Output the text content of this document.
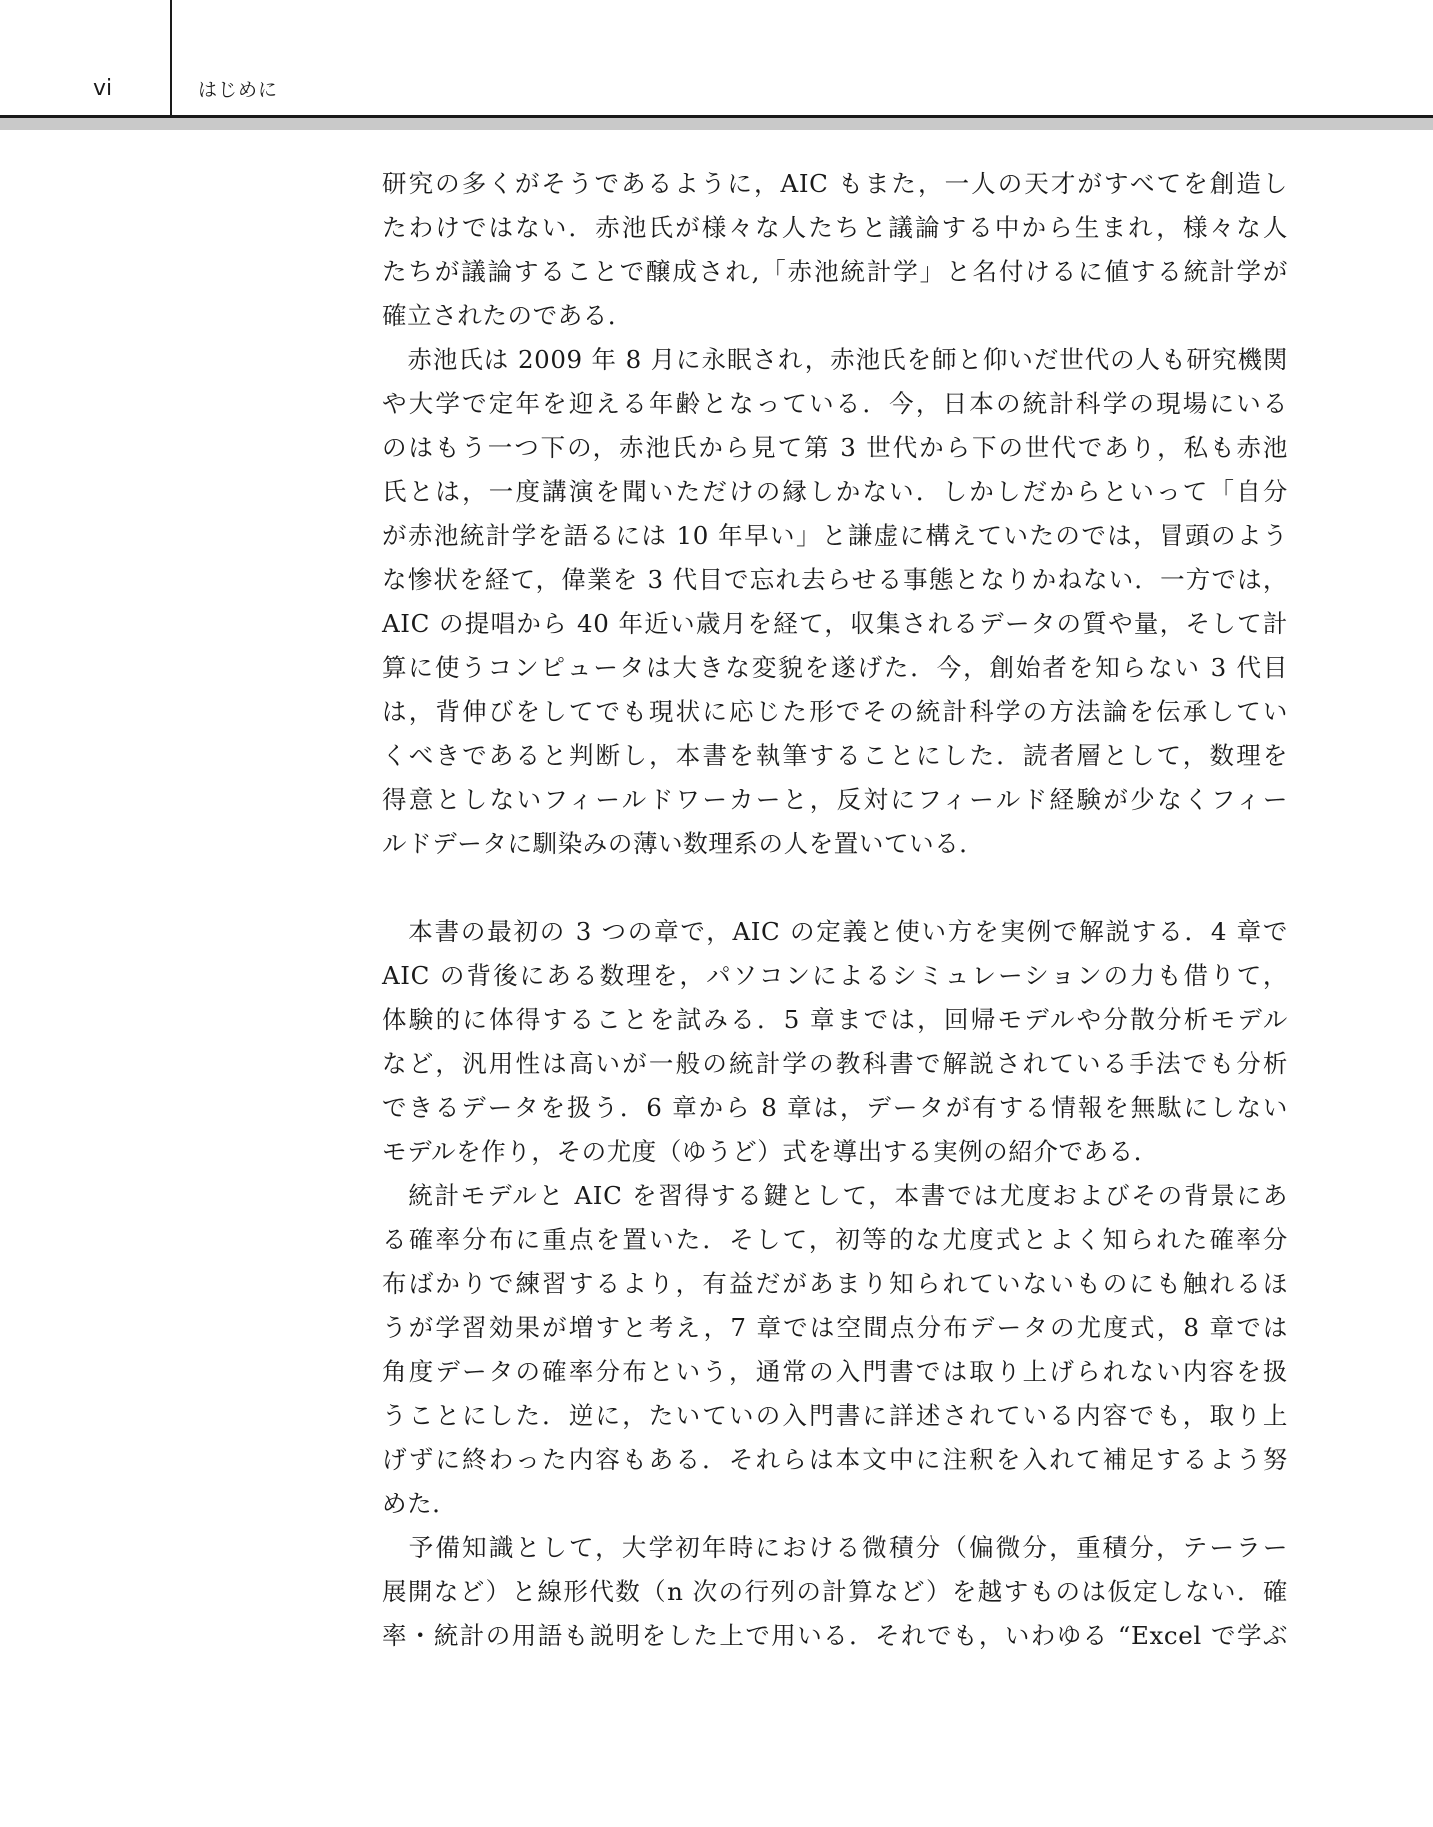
vi	はじめに
研究の多くがそうであるように，AIC もまた，一人の天才がすべてを創造し
たわけではない．赤池氏が様々な人たちと議論する中から生まれ，様々な人
たちが議論することで醸成され,「赤池統計学」と名付けるに値する統計学が
確立されたのである．
　赤池氏は 2009 年 8 月に永眠され，赤池氏を師と仰いだ世代の人も研究機関
や大学で定年を迎える年齢となっている．今，日本の統計科学の現場にいる
のはもう一つ下の，赤池氏から見て第 3 世代から下の世代であり，私も赤池
氏とは，一度講演を聞いただけの縁しかない．しかしだからといって「自分
が赤池統計学を語るには 10 年早い」と謙虚に構えていたのでは，冒頭のよう
な惨状を経て，偉業を 3 代目で忘れ去らせる事態となりかねない．一方では，
AIC の提唱から 40 年近い歳月を経て，収集されるデータの質や量，そして計
算に使うコンピュータは大きな変貌を遂げた．今，創始者を知らない 3 代目
は，背伸びをしてでも現状に応じた形でその統計科学の方法論を伝承してい
くべきであると判断し，本書を執筆することにした．読者層として，数理を
得意としないフィールドワーカーと，反対にフィールド経験が少なくフィー
ルドデータに馴染みの薄い数理系の人を置いている．
　本書の最初の 3 つの章で，AIC の定義と使い方を実例で解説する．4 章で
AIC の背後にある数理を，パソコンによるシミュレーションの力も借りて，
体験的に体得することを試みる．5 章までは，回帰モデルや分散分析モデル
など，汎用性は高いが一般の統計学の教科書で解説されている手法でも分析
できるデータを扱う．6 章から 8 章は，データが有する情報を無駄にしない
モデルを作り，その尤度（ゆうど）式を導出する実例の紹介である．
　統計モデルと AIC を習得する鍵として，本書では尤度およびその背景にあ
る確率分布に重点を置いた．そして，初等的な尤度式とよく知られた確率分
布ばかりで練習するより，有益だがあまり知られていないものにも触れるほ
うが学習効果が増すと考え，7 章では空間点分布データの尤度式，8 章では
角度データの確率分布という，通常の入門書では取り上げられない内容を扱
うことにした．逆に，たいていの入門書に詳述されている内容でも，取り上
げずに終わった内容もある．それらは本文中に注釈を入れて補足するよう努
めた．
　予備知識として，大学初年時における微積分（偏微分，重積分，テーラー
展開など）と線形代数（n 次の行列の計算など）を越すものは仮定しない．確
率・統計の用語も説明をした上で用いる．それでも，いわゆる “Excel で学ぶ
